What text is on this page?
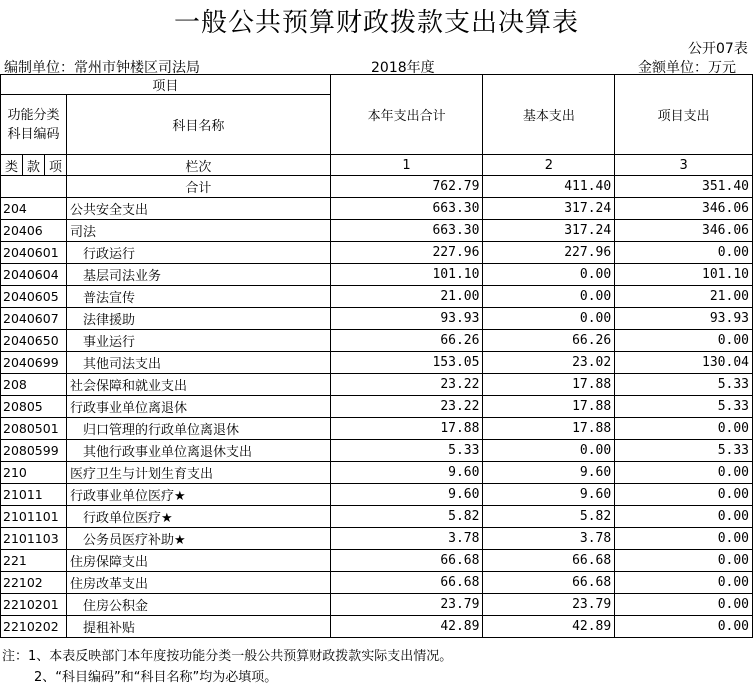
一般公共预算财政拨款支出决算表
公开07表
编制单位：常州市钟楼区司法局	2018年度	金额单位：万元
项目				本年支出合计	基本支出	项目支出
功能分类科目编码			科目名称			
类	款	项				
			栏次	1	2	3
			合计	762.79	411.40	351.40
204			公共安全支出	663.30	317.24	346.06
20406			司法	663.30	317.24	346.06
2040601			行政运行	227.96	227.96	0.00
2040604			基层司法业务	101.10	0.00	101.10
2040605			普法宣传	21.00	0.00	21.00
2040607			法律援助	93.93	0.00	93.93
2040650			事业运行	66.26	66.26	0.00
2040699			其他司法支出	153.05	23.02	130.04
208			社会保障和就业支出	23.22	17.88	5.33
20805			行政事业单位离退休	23.22	17.88	5.33
2080501			归口管理的行政单位离退休	17.88	17.88	0.00
2080599			其他行政事业单位离退休支出	5.33	0.00	5.33
210			医疗卫生与计划生育支出	9.60	9.60	0.00
21011			行政事业单位医疗★	9.60	9.60	0.00
2101101			行政单位医疗★	5.82	5.82	0.00
2101103			公务员医疗补助★	3.78	3.78	0.00
221			住房保障支出	66.68	66.68	0.00
22102			住房改革支出	66.68	66.68	0.00
2210201			住房公积金	23.79	23.79	0.00
2210202			提租补贴	42.89	42.89	0.00
注：1、本表反映部门本年度按功能分类一般公共预算财政拨款实际支出情况。
2、“科目编码”和“科目名称”均为必填项。
